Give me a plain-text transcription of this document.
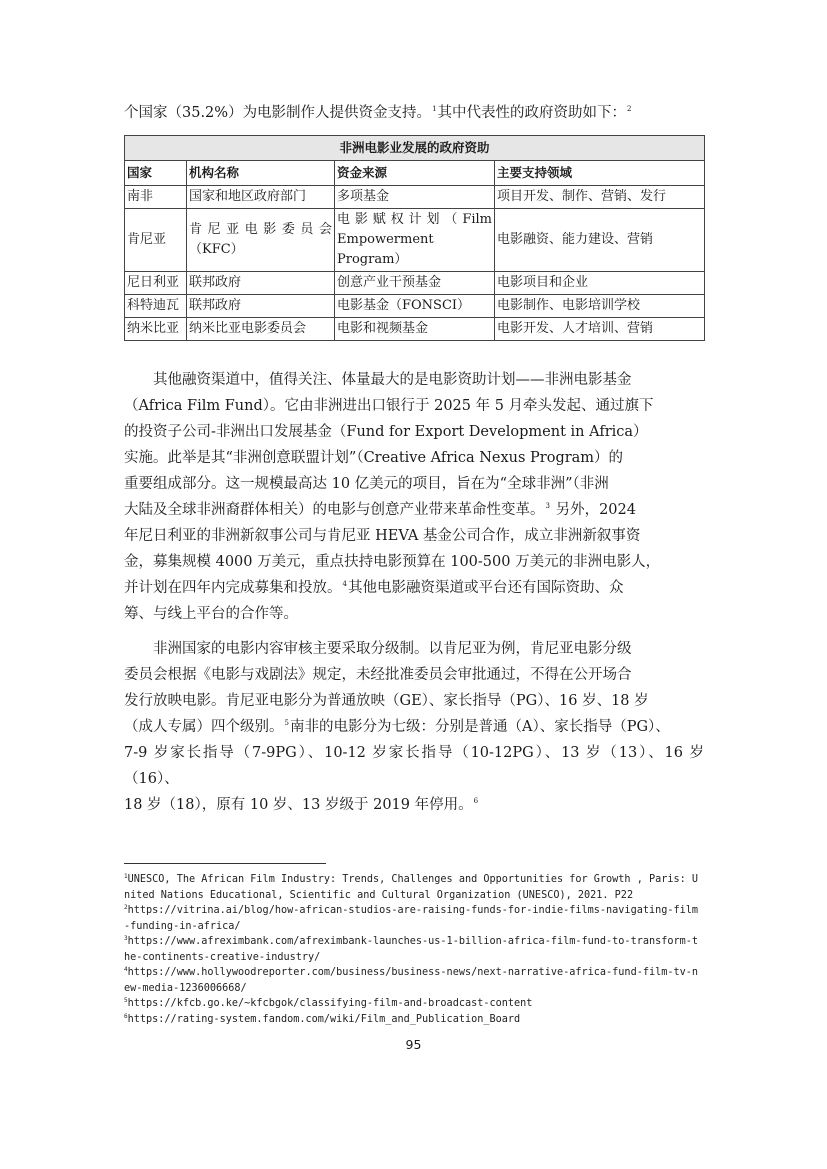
个国家（35.2%）为电影制作人提供资金支持。$^1$其中代表性的政府资助如下：$^2$
非洲电影业发展的政府资助			
国家	机构名称	资金来源	主要支持领域
南非	国家和地区政府部门	多项基金	项目开发、制作、营销、发行
肯尼亚	肯尼亚电影委员会（KFC）	电影赋权计划（Film Empowerment Program）	电影融资、能力建设、营销
尼日利亚	联邦政府	创意产业干预基金	电影项目和企业
科特迪瓦	联邦政府	电影基金（FONSCI）	电影制作、电影培训学校
纳米比亚	纳米比亚电影委员会	电影和视频基金	电影开发、人才培训、营销
其他融资渠道中，值得关注、体量最大的是电影资助计划——非洲电影基金
（Africa Film Fund）。它由非洲进出口银行于 2025 年 5 月牵头发起、通过旗下
的投资子公司-非洲出口发展基金（Fund for Export Development in Africa）
实施。此举是其“非洲创意联盟计划”（Creative Africa Nexus Program）的
重要组成部分。这一规模最高达 10 亿美元的项目，旨在为“全球非洲”（非洲
大陆及全球非洲裔群体相关）的电影与创意产业带来革命性变革。$^3$ 另外，2024
年尼日利亚的非洲新叙事公司与肯尼亚 HEVA 基金公司合作，成立非洲新叙事资
金，募集规模 4000 万美元，重点扶持电影预算在 100-500 万美元的非洲电影人，
并计划在四年内完成募集和投放。$^4$其他电影融资渠道或平台还有国际资助、众
筹、与线上平台的合作等。
非洲国家的电影内容审核主要采取分级制。以肯尼亚为例，肯尼亚电影分级
委员会根据《电影与戏剧法》规定，未经批准委员会审批通过，不得在公开场合
发行放映电影。肯尼亚电影分为普通放映（GE）、家长指导（PG）、16 岁、18 岁
（成人专属）四个级别。$^5$南非的电影分为七级：分别是普通（A）、家长指导（PG）、
7-9 岁家长指导（7-9PG）、10-12 岁家长指导（10-12PG）、13 岁（13）、16 岁（16）、
18 岁（18），原有 10 岁、13 岁级于 2019 年停用。$^6$
$^1$UNESCO, The African Film Industry: Trends, Challenges and Opportunities for Growth , Paris: United Nations Educational, Scientific and Cultural Organization (UNESCO), 2021. P22
$^2$https://vitrina.ai/blog/how-african-studios-are-raising-funds-for-indie-films-navigating-film-funding-in-africa/
$^3$https://www.afreximbank.com/afreximbank-launches-us-1-billion-africa-film-fund-to-transform-the-continents-creative-industry/
$^4$https://www.hollywoodreporter.com/business/business-news/next-narrative-africa-fund-film-tv-new-media-1236006668/
$^5$https://kfcb.go.ke/~kfcbgok/classifying-film-and-broadcast-content
$^6$https://rating-system.fandom.com/wiki/Film_and_Publication_Board
95
